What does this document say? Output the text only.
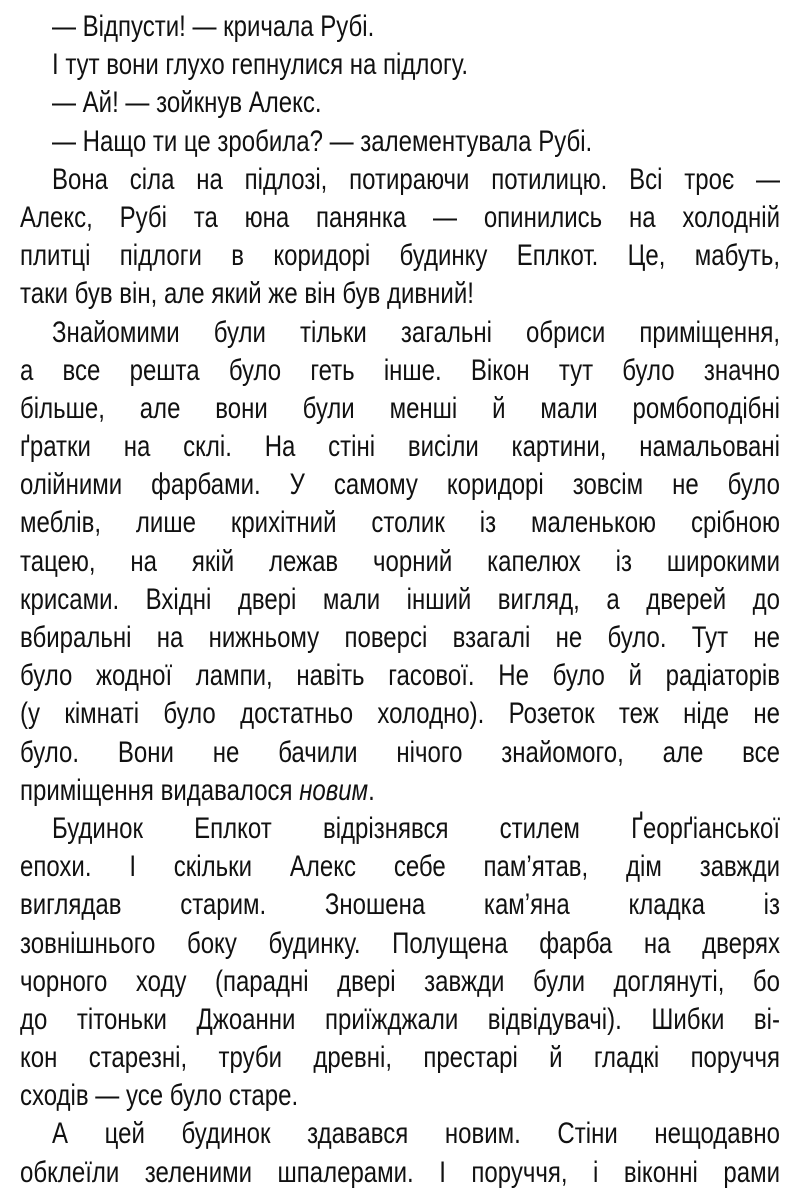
— Відпусти! — кричала Рубі.
І тут вони глухо гепнулися на підлогу.
— Ай! — зойкнув Алекс.
— Нащо ти це зробила? — залементувала Рубі.
Вона сіла на підлозі, потираючи потилицю. Всі троє —
Алекс, Рубі та юна панянка — опинились на холодній
плитці підлоги в коридорі будинку Еплкот. Це, мабуть,
таки був він, але який же він був дивний!
Знайомими були тільки загальні обриси приміщення,
а все решта було геть інше. Вікон тут було значно
більше, але вони були менші й мали ромбоподібні
ґратки на склі. На стіні висіли картини, намальовані
олійними фарбами. У самому коридорі зовсім не було
меблів, лише крихітний столик із маленькою срібною
тацею, на якій лежав чорний капелюх із широкими
крисами. Вхідні двері мали інший вигляд, а дверей до
вбиральні на нижньому поверсі взагалі не було. Тут не
було жодної лампи, навіть гасової. Не було й радіаторів
(у кімнаті було достатньо холодно). Розеток теж ніде не
було. Вони не бачили нічого знайомого, але все
приміщення видавалося новим.
Будинок Еплкот відрізнявся стилем Ґеорґіанської
епохи. І скільки Алекс себе пам’ятав, дім завжди
виглядав старим. Зношена кам’яна кладка із
зовнішнього боку будинку. Полущена фарба на дверях
чорного ходу (парадні двері завжди були доглянуті, бо
до тітоньки Джоанни приїжджали відвідувачі). Шибки ві-
кон старезні, труби древні, престарі й гладкі поруччя
сходів — усе було старе.
А цей будинок здавався новим. Стіни нещодавно
обклеїли зеленими шпалерами. І поруччя, і віконні рами
